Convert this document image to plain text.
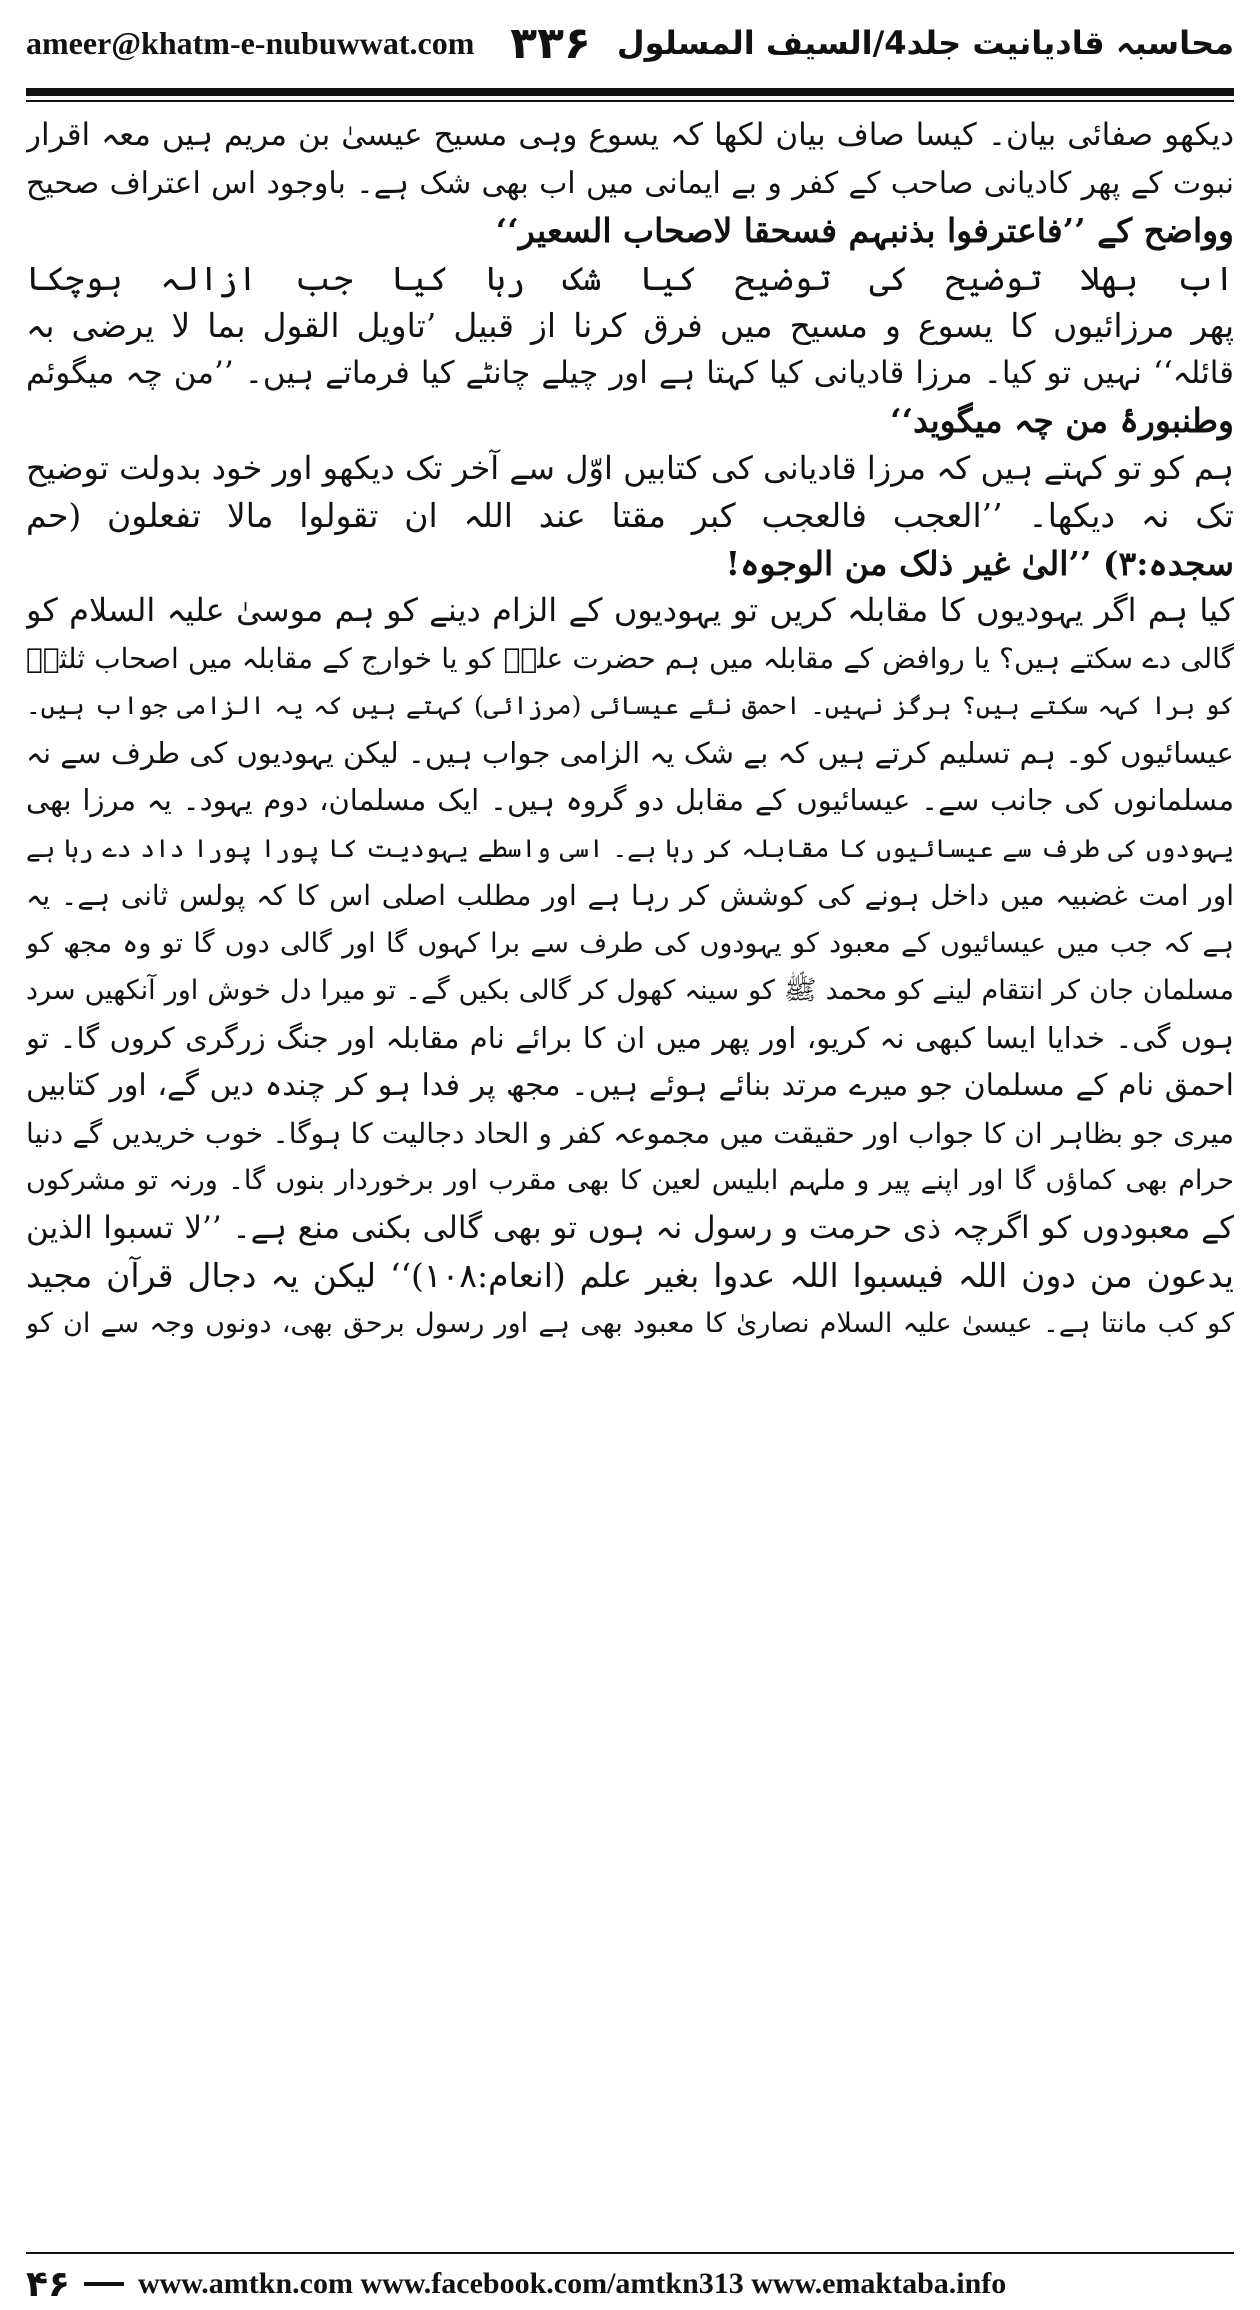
ameer@khatm-e-nubuwwat.com	محاسبہ قادیانیت جلد4/السیف المسلول
۳۳۶
دیکھو صفائی بیان۔ کیسا صاف بیان لکھا کہ یسوع وہی مسیح عیسیٰ بن مریم ہیں معہ اقرار
نبوت کے پھر کادیانی صاحب کے کفر و بے ایمانی میں اب بھی شک ہے۔ باوجود اس اعتراف صحیح
وواضح کے ’’فاعترفوا بذنبہم فسحقا لاصحاب السعیر‘‘
اب بھلا توضیح کی توضیح کیا شک رہا کیا جب ازالہ ہوچکا
پھر مرزائیوں کا یسوع و مسیح میں فرق کرنا از قبیل ’تاویل القول بما لا یرضی بہ
قائلہ‘‘ نہیں تو کیا۔ مرزا قادیانی کیا کہتا ہے اور چیلے چانٹے کیا فرماتے ہیں۔ ’’من چہ میگوئم
وطنبورۂ من چہ میگوید‘‘
ہم کو تو کہتے ہیں کہ مرزا قادیانی کی کتابیں اوّل سے آخر تک دیکھو اور خود بدولت توضیح
تک نہ دیکھا۔ ’’العجب فالعجب کبر مقتا عند اللہ ان تقولوا مالا تفعلون (حم
سجدہ:۳) ’’الیٰ غیر ذلک من الوجوہ!
کیا ہم اگر یہودیوں کا مقابلہ کریں تو یہودیوں کے الزام دینے کو ہم موسیٰ علیہ السلام کو
گالی دے سکتے ہیں؟ یا روافض کے مقابلہ میں ہم حضرت علیؓ کو یا خوارج کے مقابلہ میں اصحاب ثلثہؓ
کو برا کہہ سکتے ہیں؟ ہرگز نہیں۔ احمق نئے عیسائی (مرزائی) کہتے ہیں کہ یہ الزامی جواب ہیں۔
عیسائیوں کو۔ ہم تسلیم کرتے ہیں کہ بے شک یہ الزامی جواب ہیں۔ لیکن یہودیوں کی طرف سے نہ
مسلمانوں کی جانب سے۔ عیسائیوں کے مقابل دو گروہ ہیں۔ ایک مسلمان، دوم یہود۔ یہ مرزا بھی
یہودوں کی طرف سے عیسائیوں کا مقابلہ کر رہا ہے۔ اسی واسطے یہودیت کا پورا پورا داد دے رہا ہے
اور امت غضبیہ میں داخل ہونے کی کوشش کر رہا ہے اور مطلب اصلی اس کا کہ پولس ثانی ہے۔ یہ
ہے کہ جب میں عیسائیوں کے معبود کو یہودوں کی طرف سے برا کہوں گا اور گالی دوں گا تو وہ مجھ کو
مسلمان جان کر انتقام لینے کو محمد ﷺ کو سینہ کھول کر گالی بکیں گے۔ تو میرا دل خوش اور آنکھیں سرد
ہوں گی۔ خدایا ایسا کبھی نہ کریو، اور پھر میں ان کا برائے نام مقابلہ اور جنگ زرگری کروں گا۔ تو
احمق نام کے مسلمان جو میرے مرتد بنائے ہوئے ہیں۔ مجھ پر فدا ہو کر چندہ دیں گے، اور کتابیں
میری جو بظاہر ان کا جواب اور حقیقت میں مجموعہ کفر و الحاد دجالیت کا ہوگا۔ خوب خریدیں گے دنیا
حرام بھی کماؤں گا اور اپنے پیر و ملہم ابلیس لعین کا بھی مقرب اور برخوردار بنوں گا۔ ورنہ تو مشرکوں
کے معبودوں کو اگرچہ ذی حرمت و رسول نہ ہوں تو بھی گالی بکنی منع ہے۔ ’’لا تسبوا الذین
یدعون من دون اللہ فیسبوا اللہ عدوا بغیر علم (انعام:۱۰۸)‘‘ لیکن یہ دجال قرآن مجید
کو کب مانتا ہے۔ عیسیٰ علیہ السلام نصاریٰ کا معبود بھی ہے اور رسول برحق بھی، دونوں وجہ سے ان کو
۴۶ www.amtkn.com www.facebook.com/amtkn313 www.emaktaba.info
